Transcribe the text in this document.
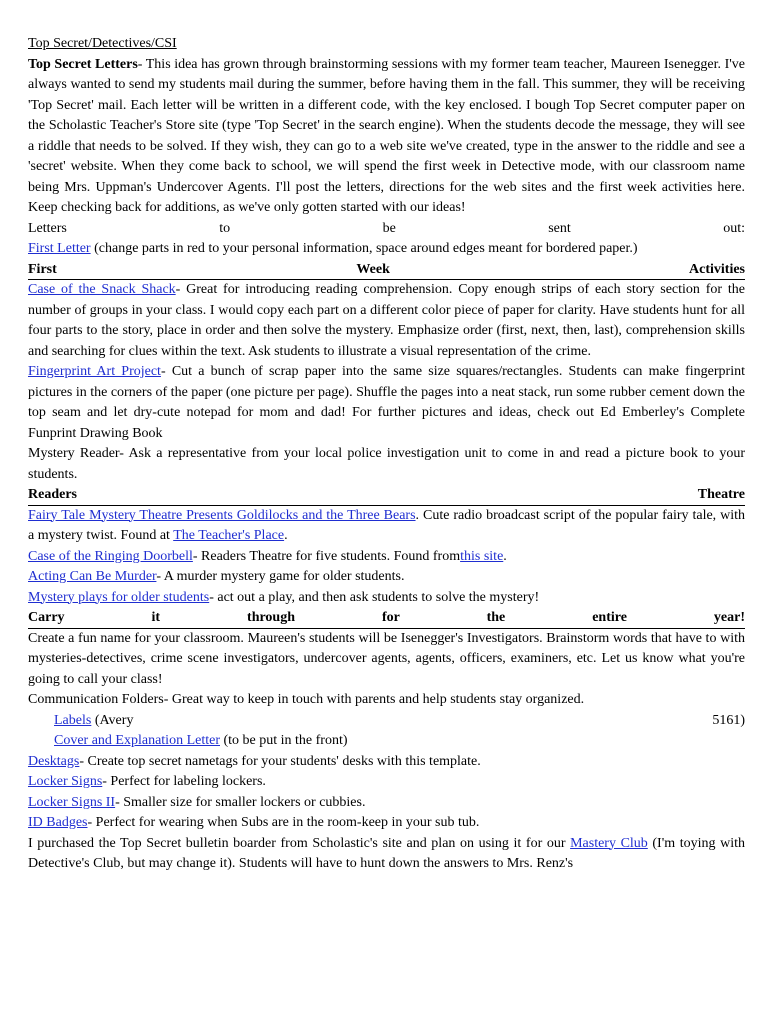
Top Secret/Detectives/CSI
Top Secret Letters- This idea has grown through brainstorming sessions with my former team teacher, Maureen Isenegger. I've always wanted to send my students mail during the summer, before having them in the fall. This summer, they will be receiving 'Top Secret' mail. Each letter will be written in a different code, with the key enclosed. I bough Top Secret computer paper on the Scholastic Teacher's Store site (type 'Top Secret' in the search engine). When the students decode the message, they will see a riddle that needs to be solved. If they wish, they can go to a web site we've created, type in the answer to the riddle and see a 'secret' website. When they come back to school, we will spend the first week in Detective mode, with our classroom name being Mrs. Uppman's Undercover Agents. I'll post the letters, directions for the web sites and the first week activities here. Keep checking back for additions, as we've only gotten started with our ideas!
Letters to be sent out:
First Letter (change parts in red to your personal information, space around edges meant for bordered paper.)
First Week Activities
Case of the Snack Shack- Great for introducing reading comprehension. Copy enough strips of each story section for the number of groups in your class. I would copy each part on a different color piece of paper for clarity. Have students hunt for all four parts to the story, place in order and then solve the mystery. Emphasize order (first, next, then, last), comprehension skills and searching for clues within the text. Ask students to illustrate a visual representation of the crime.
Fingerprint Art Project- Cut a bunch of scrap paper into the same size squares/rectangles. Students can make fingerprint pictures in the corners of the paper (one picture per page). Shuffle the pages into a neat stack, run some rubber cement down the top seam and let dry-cute notepad for mom and dad! For further pictures and ideas, check out Ed Emberley's Complete Funprint Drawing Book
Mystery Reader- Ask a representative from your local police investigation unit to come in and read a picture book to your students.
Readers Theatre
Fairy Tale Mystery Theatre Presents Goldilocks and the Three Bears. Cute radio broadcast script of the popular fairy tale, with a mystery twist. Found at The Teacher's Place.
Case of the Ringing Doorbell- Readers Theatre for five students. Found fromthis site.
Acting Can Be Murder- A murder mystery game for older students.
Mystery plays for older students- act out a play, and then ask students to solve the mystery!
Carry it through for the entire year!
Create a fun name for your classroom. Maureen's students will be Isenegger's Investigators. Brainstorm words that have to with mysteries-detectives, crime scene investigators, undercover agents, agents, officers, examiners, etc. Let us know what you're going to call your class!
Communication Folders- Great way to keep in touch with parents and help students stay organized.
Labels (Avery	5161)
Cover and Explanation Letter (to be put in the front)
Desktags- Create top secret nametags for your students' desks with this template.
Locker Signs- Perfect for labeling lockers.
Locker Signs II- Smaller size for smaller lockers or cubbies.
ID Badges- Perfect for wearing when Subs are in the room-keep in your sub tub.
I purchased the Top Secret bulletin boarder from Scholastic's site and plan on using it for our Mastery Club (I'm toying with Detective's Club, but may change it). Students will have to hunt down the answers to Mrs. Renz's
